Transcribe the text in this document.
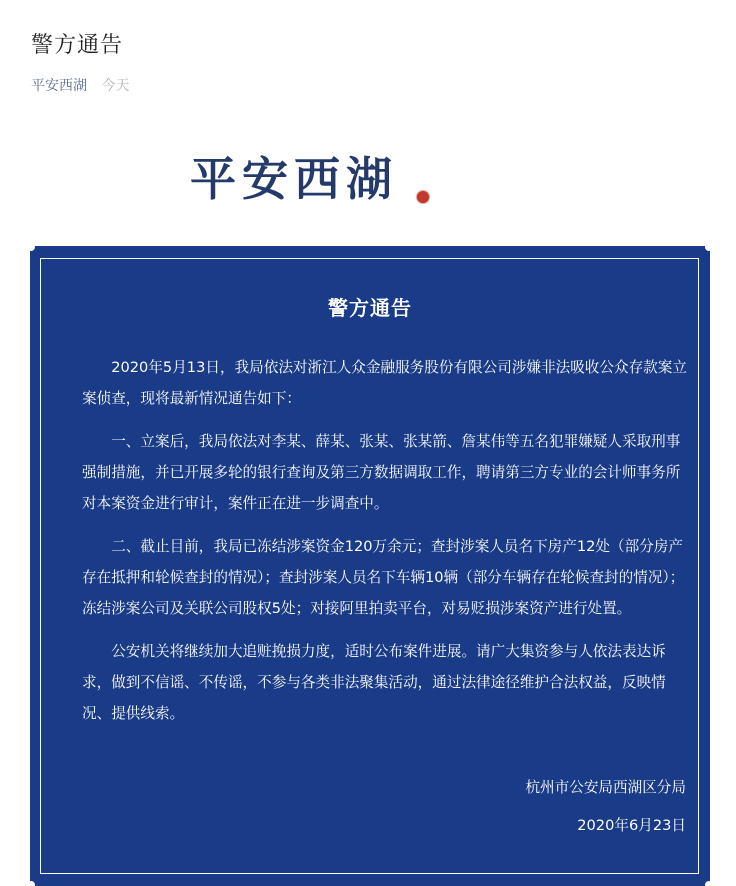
警方通告
平安西湖 今天
平安西湖
警方通告

2020年5月13日，我局依法对浙江人众金融服务股份有限公司涉嫌非法吸收公众存款案立案侦查，现将最新情况通告如下：

一、立案后，我局依法对李某、薛某、张某、张某箭、詹某伟等五名犯罪嫌疑人采取刑事强制措施，并已开展多轮的银行查询及第三方数据调取工作，聘请第三方专业的会计师事务所对本案资金进行审计，案件正在进一步调查中。

二、截止目前，我局已冻结涉案资金120万余元；查封涉案人员名下房产12处（部分房产存在抵押和轮候查封的情况）；查封涉案人员名下车辆10辆（部分车辆存在轮候查封的情况）；冻结涉案公司及关联公司股权5处；对接阿里拍卖平台，对易贬损涉案资产进行处置。

公安机关将继续加大追赃挽损力度，适时公布案件进展。请广大集资参与人依法表达诉求，做到不信谣、不传谣，不参与各类非法聚集活动，通过法律途径维护合法权益，反映情况、提供线索。

杭州市公安局西湖区分局
2020年6月23日
